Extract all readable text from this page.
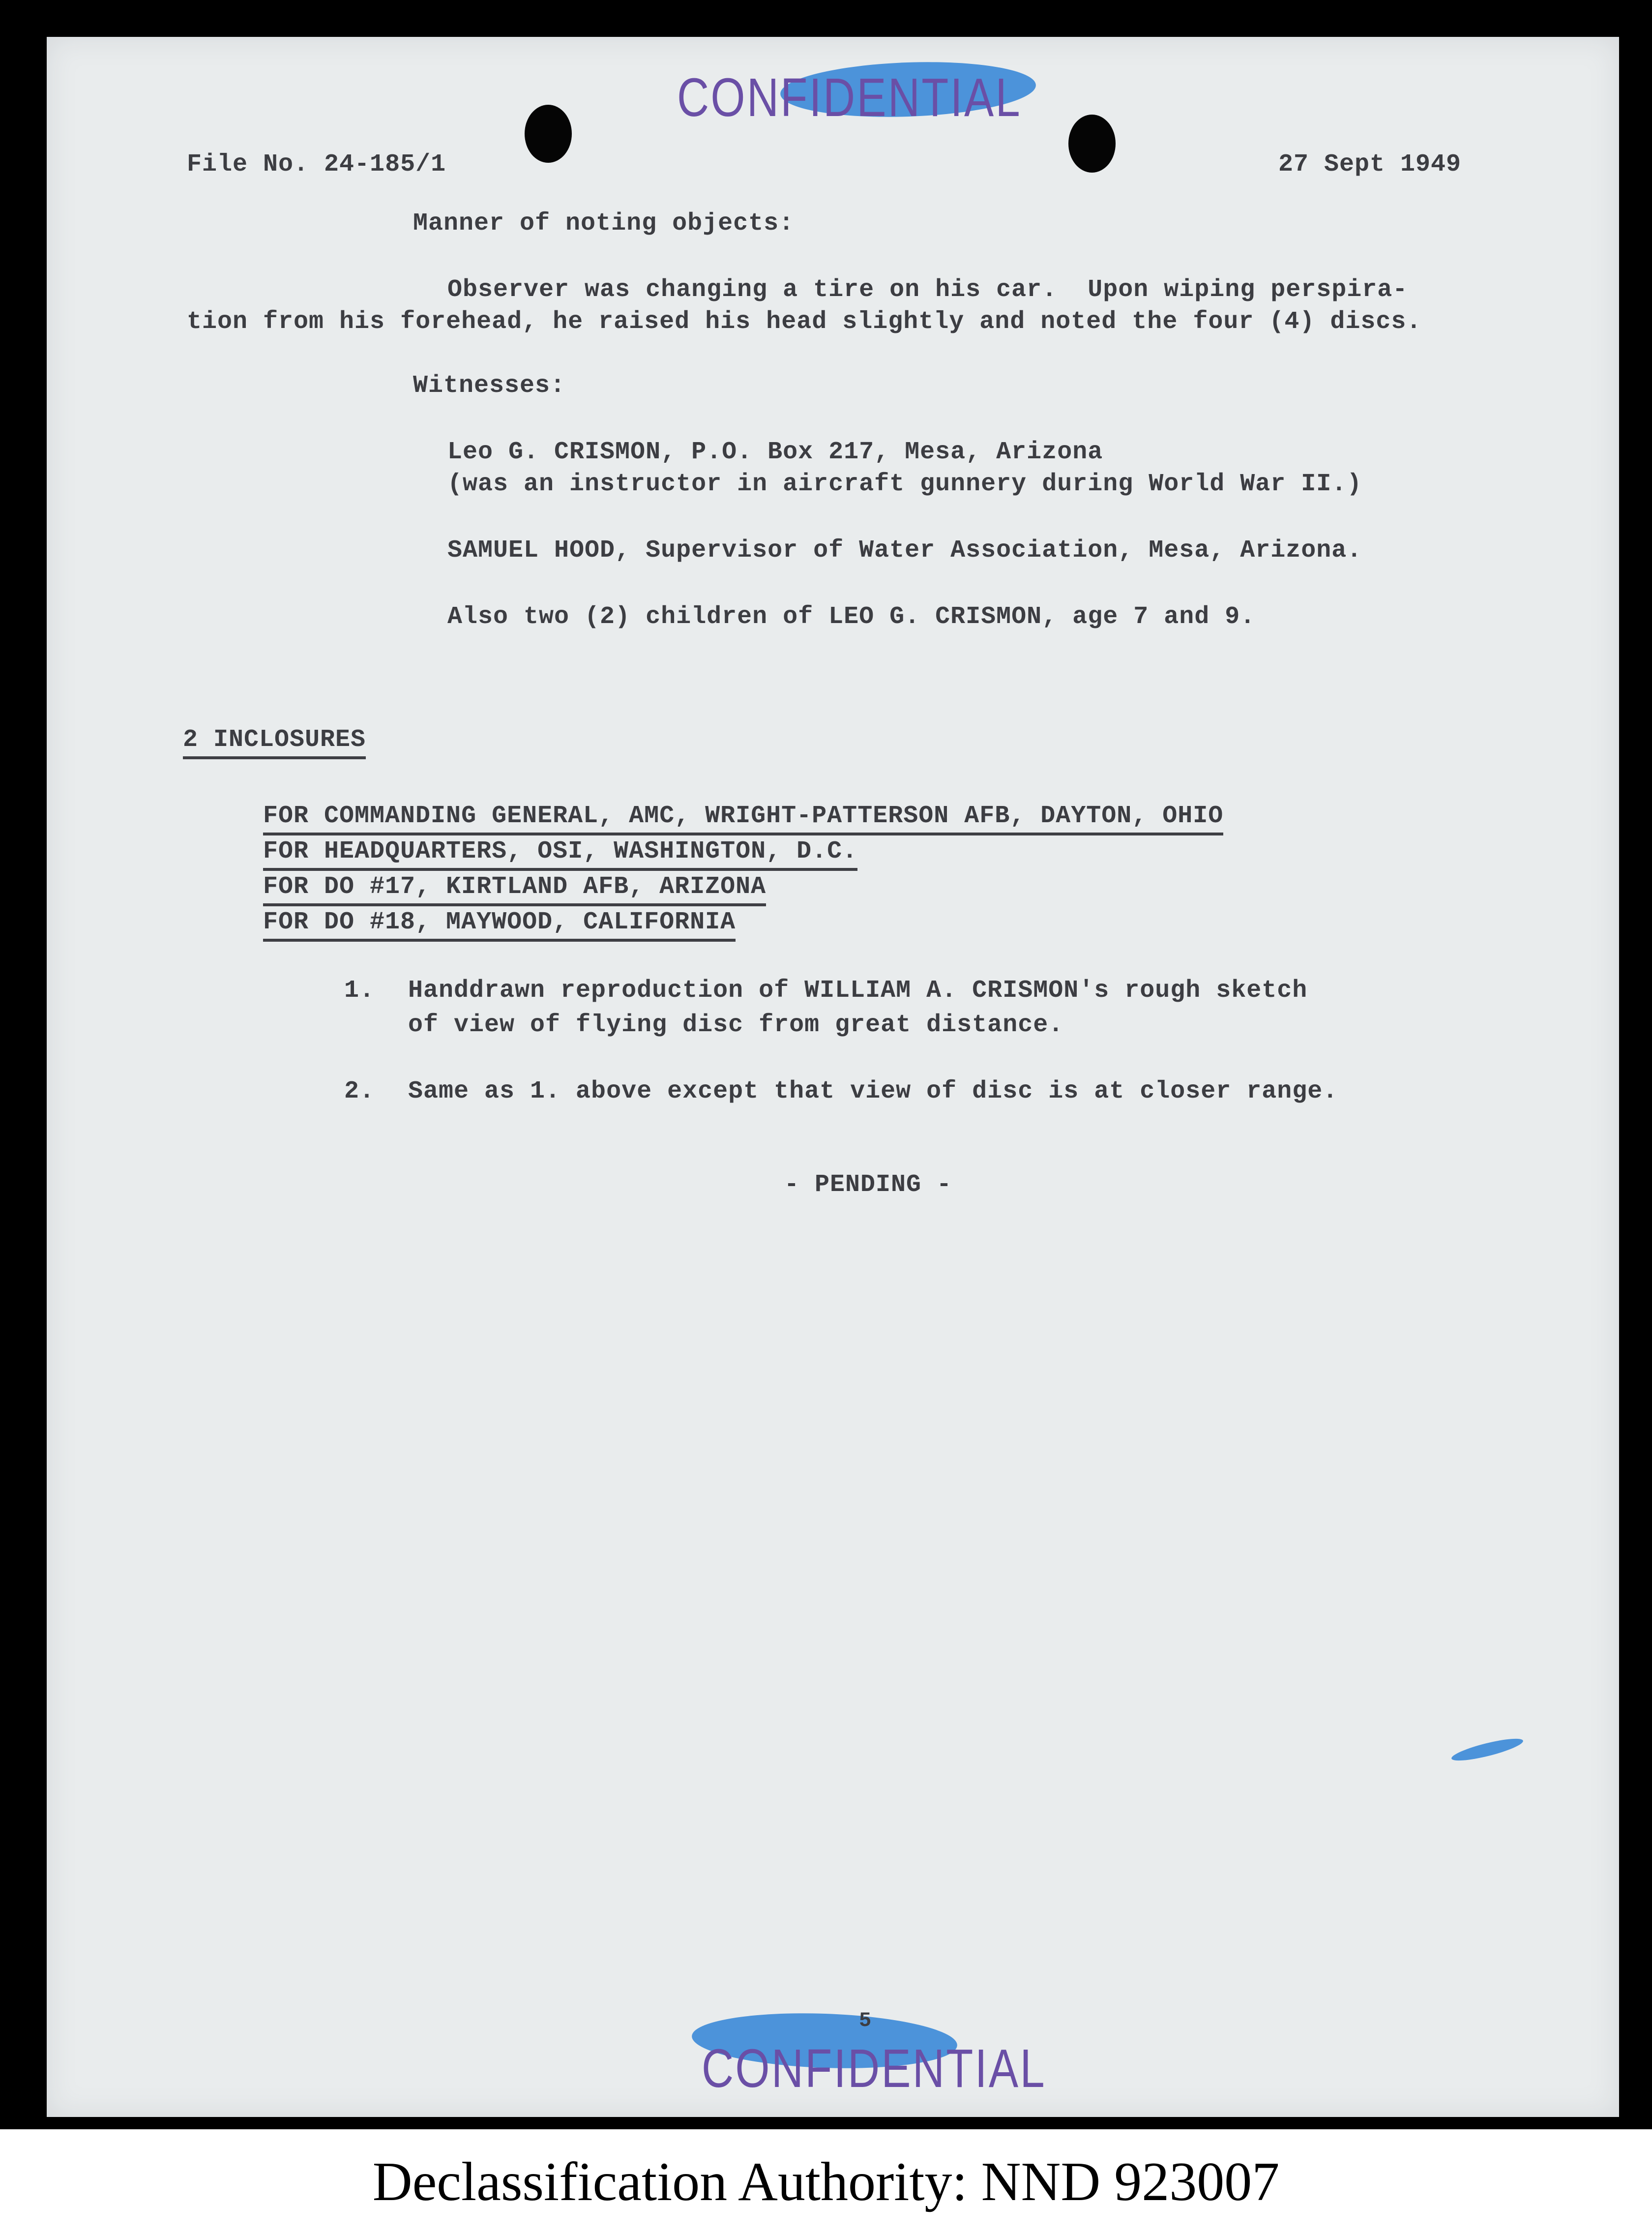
CONFIDENTIAL

File No. 24-185/1	27 Sept 1949

Manner of noting objects:

Observer was changing a tire on his car.  Upon wiping perspira-

tion from his forehead, he raised his head slightly and noted the four (4) discs.

Witnesses:

Leo G. CRISMON, P.O. Box 217, Mesa, Arizona

(was an instructor in aircraft gunnery during World War II.)

SAMUEL HOOD, Supervisor of Water Association, Mesa, Arizona.

Also two (2) children of LEO G. CRISMON, age 7 and 9.

2 INCLOSURES

FOR COMMANDING GENERAL, AMC, WRIGHT-PATTERSON AFB, DAYTON, OHIO

FOR HEADQUARTERS, OSI, WASHINGTON, D.C.

FOR DO #17, KIRTLAND AFB, ARIZONA

FOR DO #18, MAYWOOD, CALIFORNIA

1. Handdrawn reproduction of WILLIAM A. CRISMON's rough sketch

of view of flying disc from great distance.

2. Same as 1. above except that view of disc is at closer range.

- PENDING -

5

CONFIDENTIAL
Declassification Authority: NND 923007
